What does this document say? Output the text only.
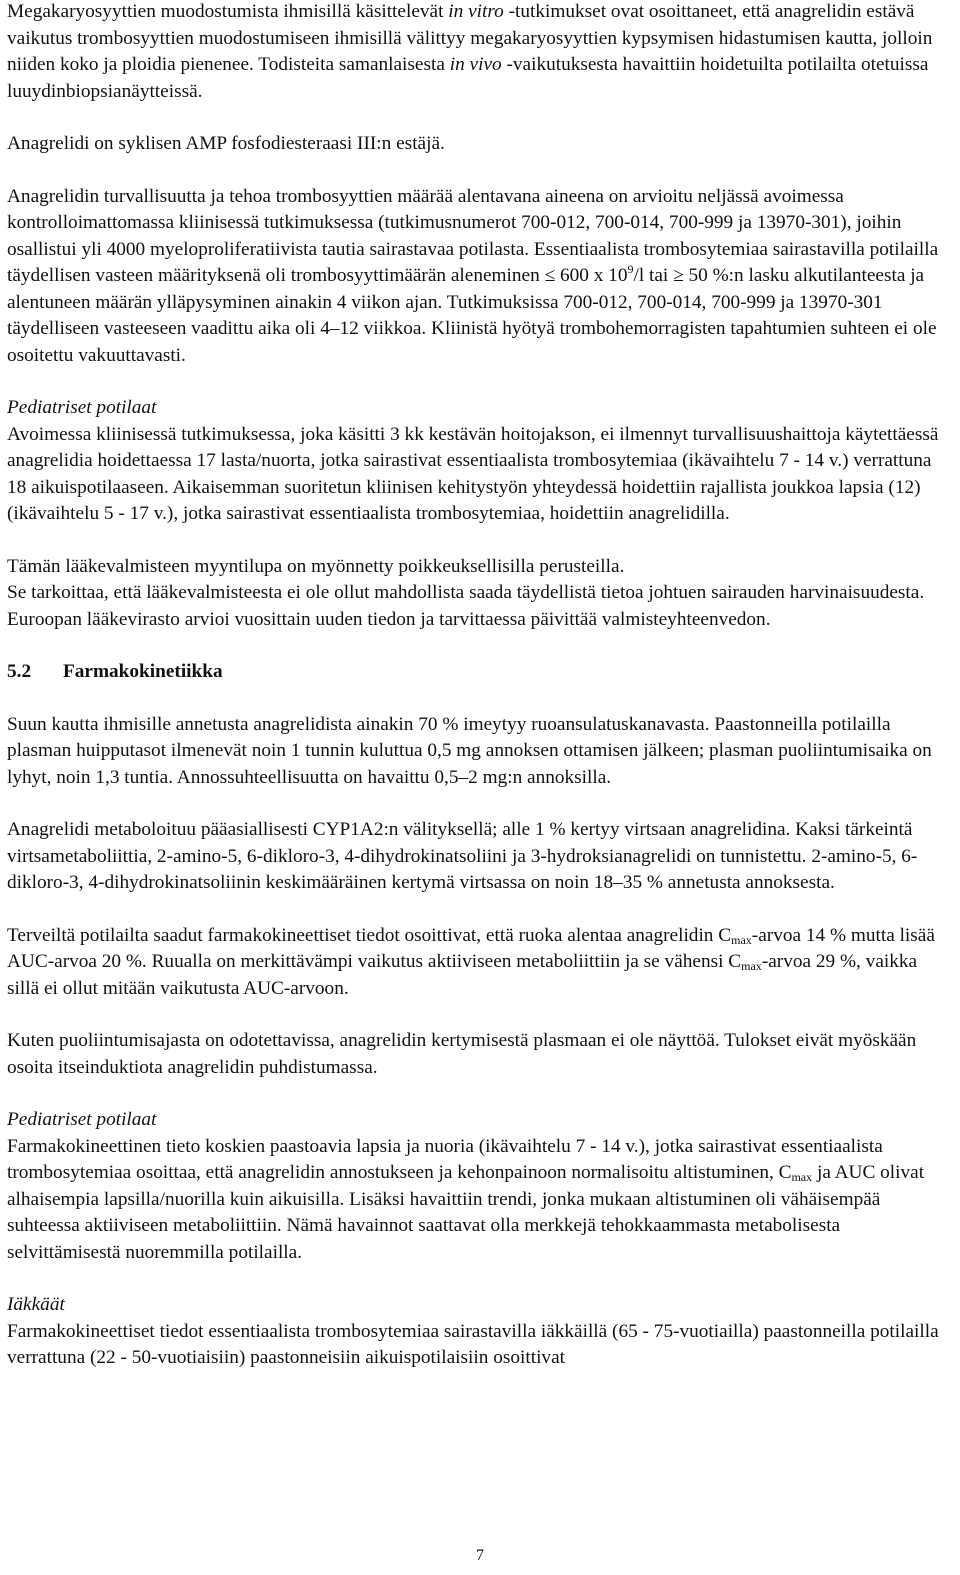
Megakaryosyyttien muodostumista ihmisillä käsittelevät in vitro -tutkimukset ovat osoittaneet, että anagrelidin estävä vaikutus trombosyyttien muodostumiseen ihmisillä välittyy megakaryosyyttien kypsymisen hidastumisen kautta, jolloin niiden koko ja ploidia pienenee. Todisteita samanlaisesta in vivo -vaikutuksesta havaittiin hoidetuilta potilailta otetuissa luuydinbiopsianäytteissä.

Anagrelidi on syklisen AMP fosfodiesteraasi III:n estäjä.

Anagrelidin turvallisuutta ja tehoa trombosyyttien määrää alentavana aineena on arvioitu neljässä avoimessa kontrolloimattomassa kliinisessä tutkimuksessa (tutkimusnumerot 700-012, 700-014, 700-999 ja 13970-301), joihin osallistui yli 4000 myeloproliferatiivista tautia sairastavaa potilasta. Essentiaalista trombosytemiaa sairastavilla potilailla täydellisen vasteen määrityksenä oli trombosyyttimäärän aleneminen ≤ 600 x $10^9/l$ tai ≥ 50 %:n lasku alkutilanteesta ja alentuneen määrän ylläpysyminen ainakin 4 viikon ajan. Tutkimuksissa 700-012, 700-014, 700-999 ja 13970-301 täydelliseen vasteeseen vaadittu aika oli 4–12 viikkoa. Kliinistä hyötyä trombohemorragisten tapahtumien suhteen ei ole osoitettu vakuuttavasti.

Pediatriset potilaat

Avoimessa kliinisessä tutkimuksessa, joka käsitti 3 kk kestävän hoitojakson, ei ilmennyt turvallisuushaittoja käytettäessä anagrelidia hoidettaessa 17 lasta/nuorta, jotka sairastivat essentiaalista trombosytemiaa (ikävaihtelu 7 - 14 v.) verrattuna 18 aikuispotilaaseen. Aikaisemman suoritetun kliinisen kehitystyön yhteydessä hoidettiin rajallista joukkoa lapsia (12) (ikävaihtelu 5 - 17 v.), jotka sairastivat essentiaalista trombosytemiaa, hoidettiin anagrelidilla.

Tämän lääkevalmisteen myyntilupa on myönnetty poikkeuksellisilla perusteilla.

Se tarkoittaa, että lääkevalmisteesta ei ole ollut mahdollista saada täydellistä tietoa johtuen sairauden harvinaisuudesta.

Euroopan lääkevirasto arvioi vuosittain uuden tiedon ja tarvittaessa päivittää valmisteyhteenvedon.

5.2 Farmakokinetiikka

Suun kautta ihmisille annetusta anagrelidista ainakin 70 % imeytyy ruoansulatuskanavasta. Paastonneilla potilailla plasman huipputasot ilmenevät noin 1 tunnin kuluttua 0,5 mg annoksen ottamisen jälkeen; plasman puoliintumisaika on lyhyt, noin 1,3 tuntia. Annossuhteellisuutta on havaittu 0,5–2 mg:n annoksilla.

Anagrelidi metaboloituu pääasiallisesti CYP1A2:n välityksellä; alle 1 % kertyy virtsaan anagrelidina. Kaksi tärkeintä virtsametaboliittia, 2-amino-5, 6-dikloro-3, 4-dihydrokinatsoliini ja 3-hydroksianagrelidi on tunnistettu. 2-amino-5, 6-dikloro-3, 4-dihydrokinatsoliinin keskimääräinen kertymä virtsassa on noin 18–35 % annetusta annoksesta.

Terveiltä potilailta saadut farmakokineettiset tiedot osoittivat, että ruoka alentaa anagrelidin $C_{max}$-arvoa 14 % mutta lisää AUC-arvoa 20 %. Ruualla on merkittävämpi vaikutus aktiiviseen metaboliittiin ja se vähensi $C_{max}$-arvoa 29 %, vaikka sillä ei ollut mitään vaikutusta AUC-arvoon.

Kuten puoliintumisajasta on odotettavissa, anagrelidin kertymisestä plasmaan ei ole näyttöä. Tulokset eivät myöskään osoita itseinduktiota anagrelidin puhdistumassa.

Pediatriset potilaat

Farmakokineettinen tieto koskien paastoavia lapsia ja nuoria (ikävaihtelu 7 - 14 v.), jotka sairastivat essentiaalista trombosytemiaa osoittaa, että anagrelidin annostukseen ja kehonpainoon normalisoitu altistuminen, $C_{max}$ ja AUC olivat alhaisempia lapsilla/nuorilla kuin aikuisilla. Lisäksi havaittiin trendi, jonka mukaan altistuminen oli vähäisempää suhteessa aktiiviseen metaboliittiin. Nämä havainnot saattavat olla merkkejä tehokkaammasta metabolisesta selvittämisestä nuoremmilla potilailla.

Iäkkäät

Farmakokineettiset tiedot essentiaalista trombosytemiaa sairastavilla iäkkäillä (65 - 75-vuotiailla) paastonneilla potilailla verrattuna (22 - 50-vuotiaisiin) paastonneisiin aikuispotilaisiin osoittivat

7
